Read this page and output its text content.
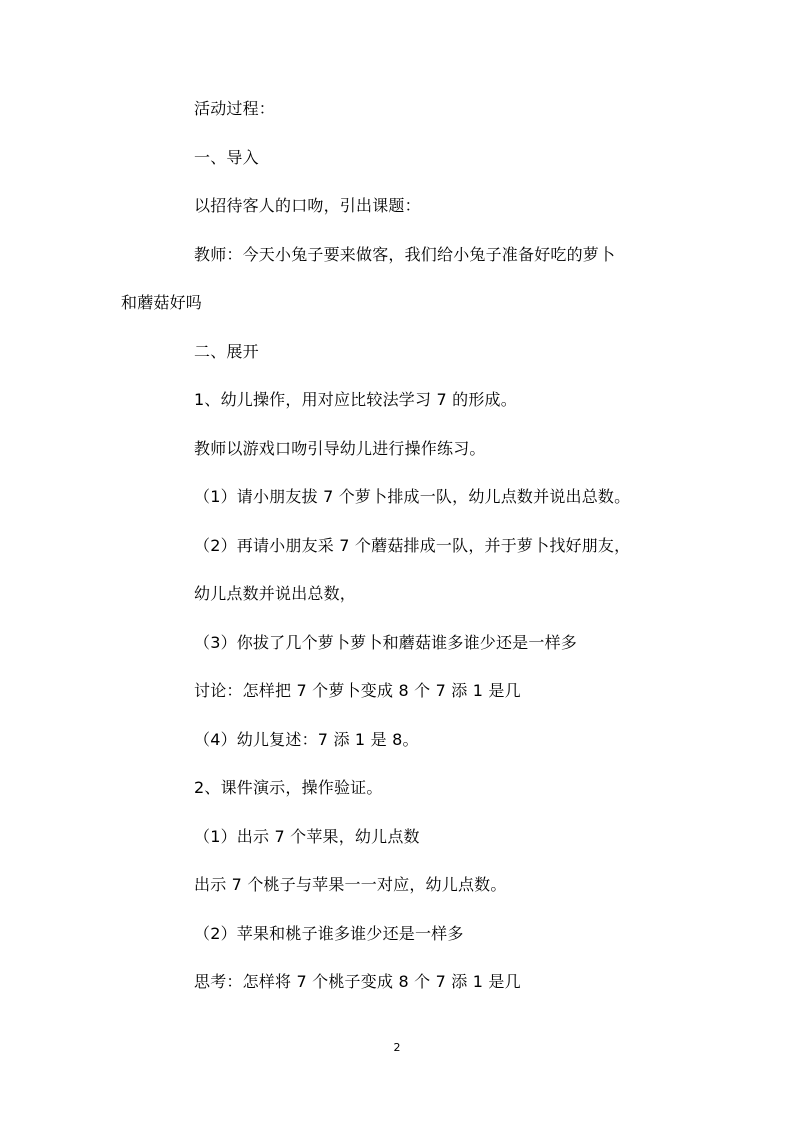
活动过程：
一、导入
以招待客人的口吻，引出课题：
教师：今天小兔子要来做客，我们给小兔子准备好吃的萝卜
和蘑菇好吗
二、展开
1、幼儿操作，用对应比较法学习 7 的形成。
教师以游戏口吻引导幼儿进行操作练习。
（1）请小朋友拔 7 个萝卜排成一队，幼儿点数并说出总数。
（2）再请小朋友采 7 个蘑菇排成一队，并于萝卜找好朋友，
幼儿点数并说出总数，
（3）你拔了几个萝卜萝卜和蘑菇谁多谁少还是一样多
讨论：怎样把 7 个萝卜变成 8 个 7 添 1 是几
（4）幼儿复述：7 添 1 是 8。
2、课件演示，操作验证。
（1）出示 7 个苹果，幼儿点数
出示 7 个桃子与苹果一一对应，幼儿点数。
（2）苹果和桃子谁多谁少还是一样多
思考：怎样将 7 个桃子变成 8 个 7 添 1 是几
2
